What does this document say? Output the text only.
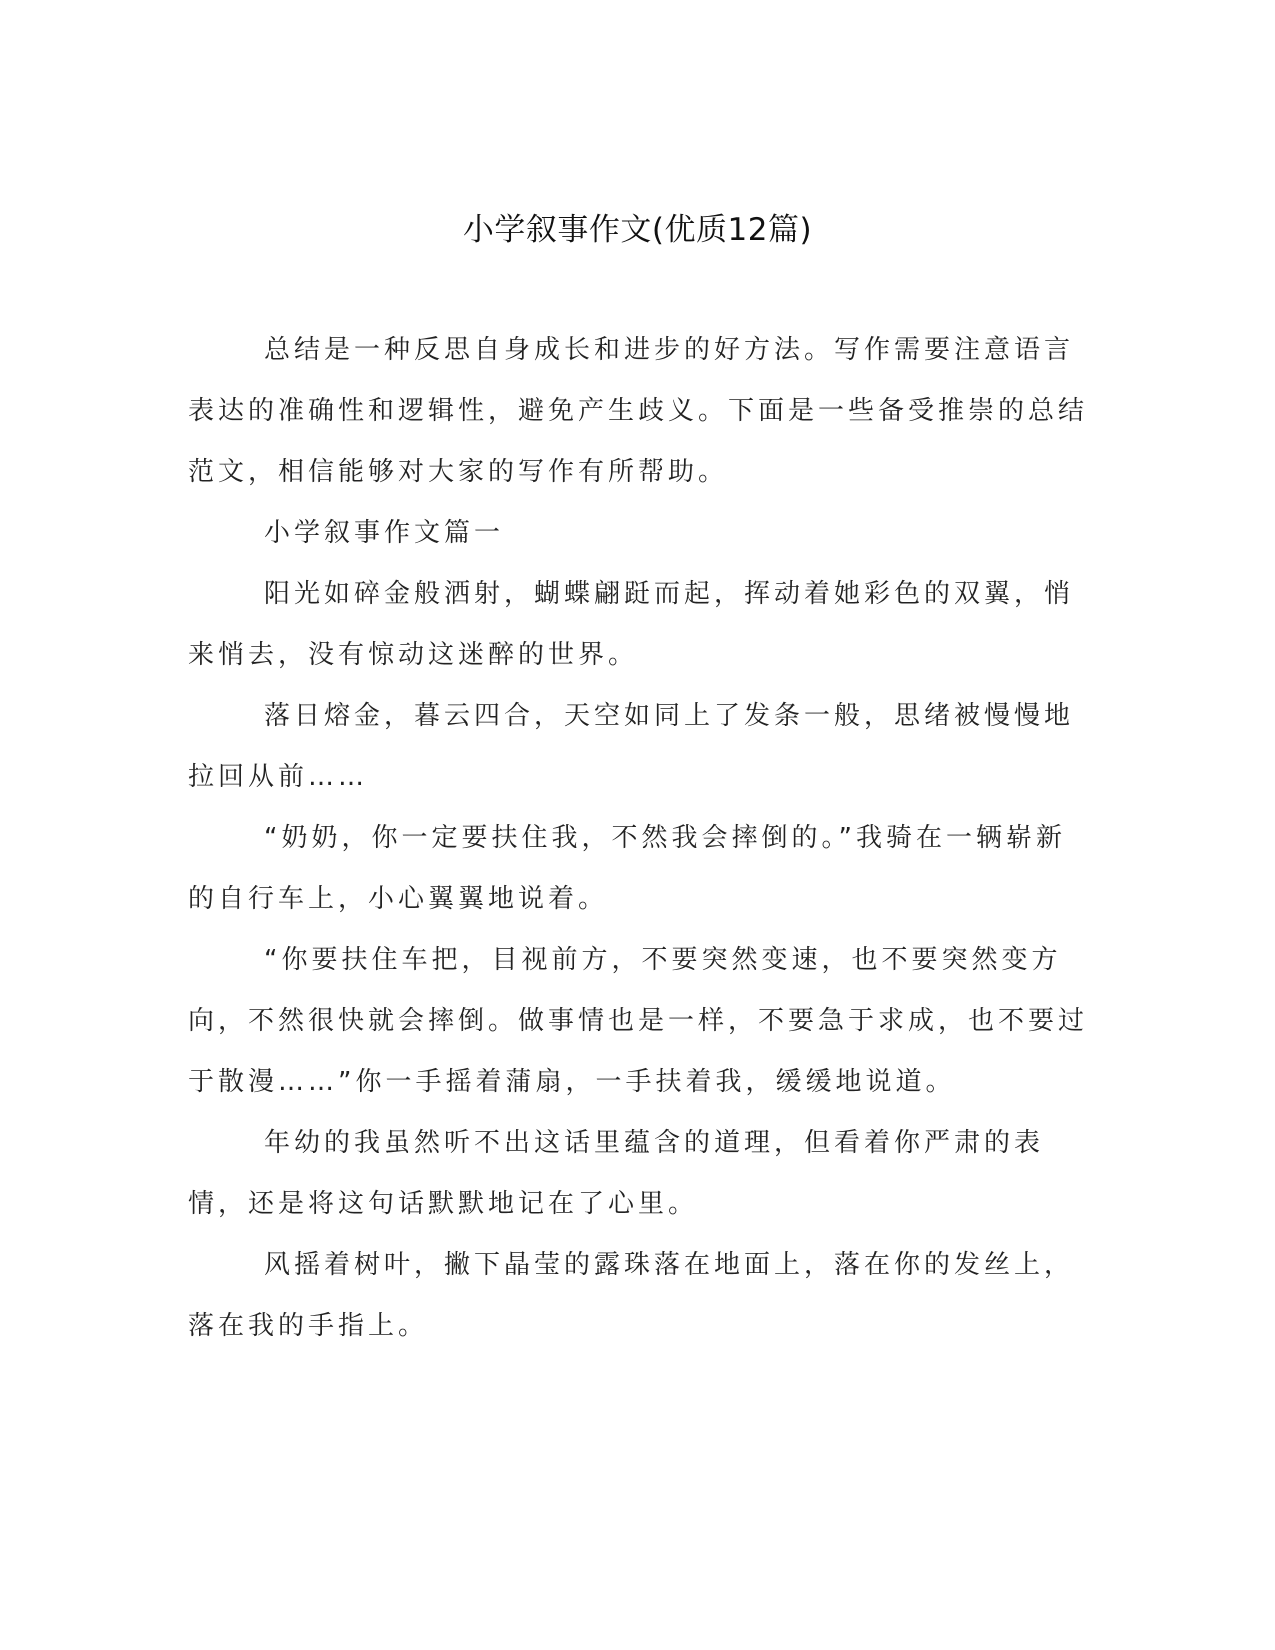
小学叙事作文(优质12篇)

总结是一种反思自身成长和进步的好方法。写作需要注意语言表达的准确性和逻辑性，避免产生歧义。下面是一些备受推崇的总结范文，相信能够对大家的写作有所帮助。

小学叙事作文篇一

阳光如碎金般洒射，蝴蝶翩跹而起，挥动着她彩色的双翼，悄来悄去，没有惊动这迷醉的世界。

落日熔金，暮云四合，天空如同上了发条一般，思绪被慢慢地拉回从前……

“奶奶，你一定要扶住我，不然我会摔倒的。”我骑在一辆崭新的自行车上，小心翼翼地说着。

“你要扶住车把，目视前方，不要突然变速，也不要突然变方向，不然很快就会摔倒。做事情也是一样，不要急于求成，也不要过于散漫……”你一手摇着蒲扇，一手扶着我，缓缓地说道。

年幼的我虽然听不出这话里蕴含的道理，但看着你严肃的表情，还是将这句话默默地记在了心里。

风摇着树叶，撇下晶莹的露珠落在地面上，落在你的发丝上，落在我的手指上。
